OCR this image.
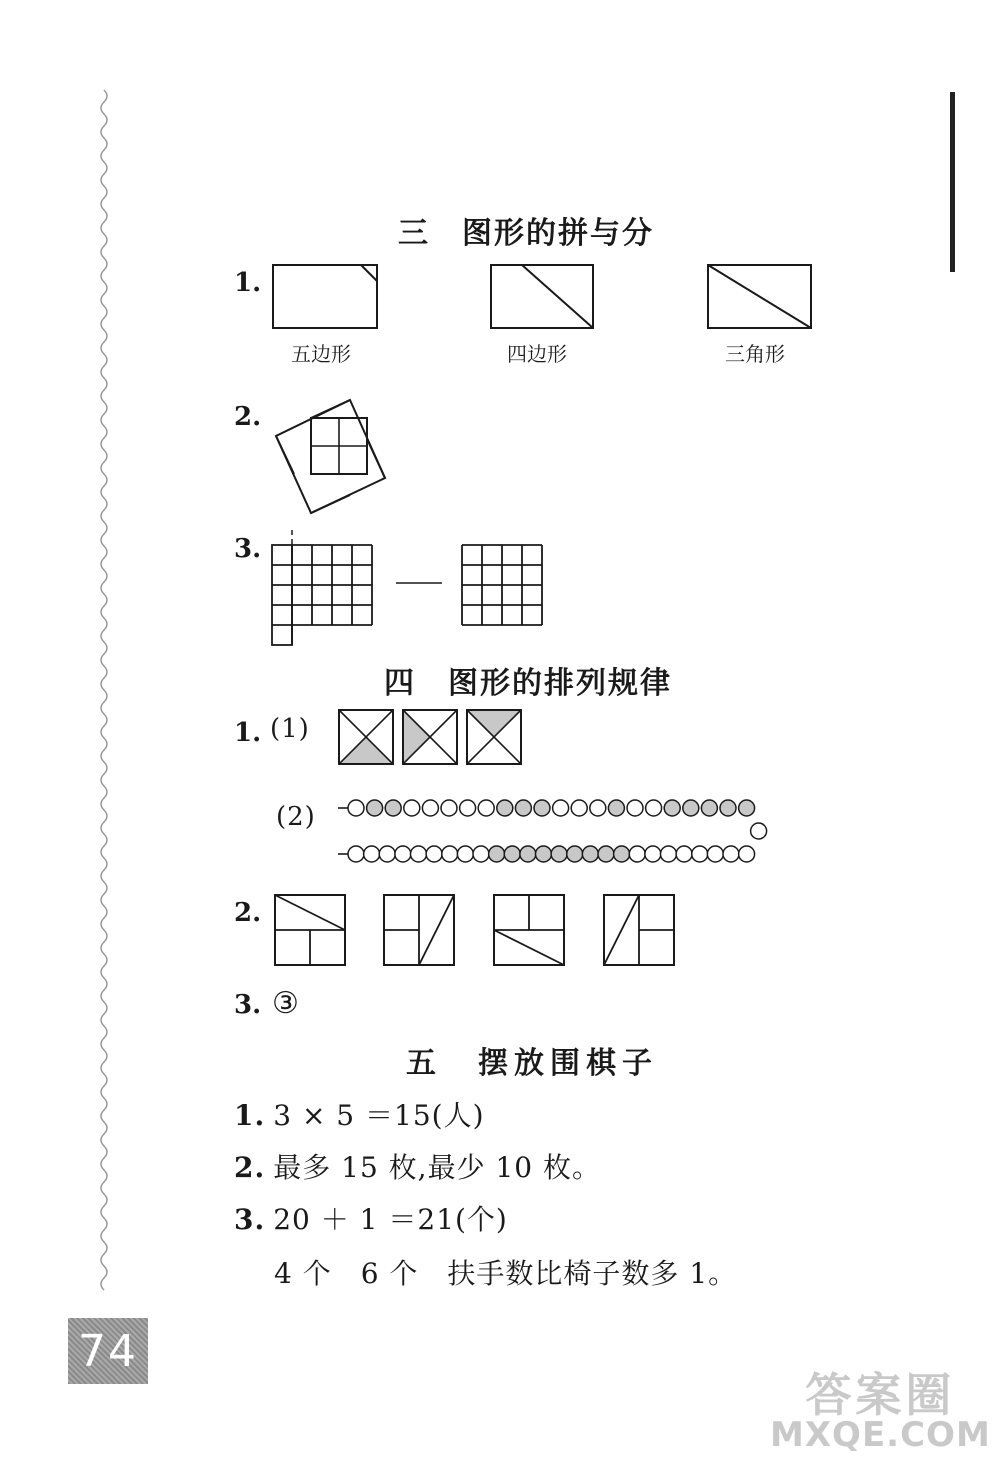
三　图形的拼与分
1.
五边形	四边形	三角形
2.
3.
四　图形的排列规律
1. (1)
(2)
2.
3. ③
五　摆放围棋子
1. 3 × 5 ＝15(人)
2. 最多 15 枚,最少 10 枚。
3. 20 ＋ 1 ＝21(个)
4 个　6 个　扶手数比椅子数多 1。
74
答案圈
MXQE.COM
